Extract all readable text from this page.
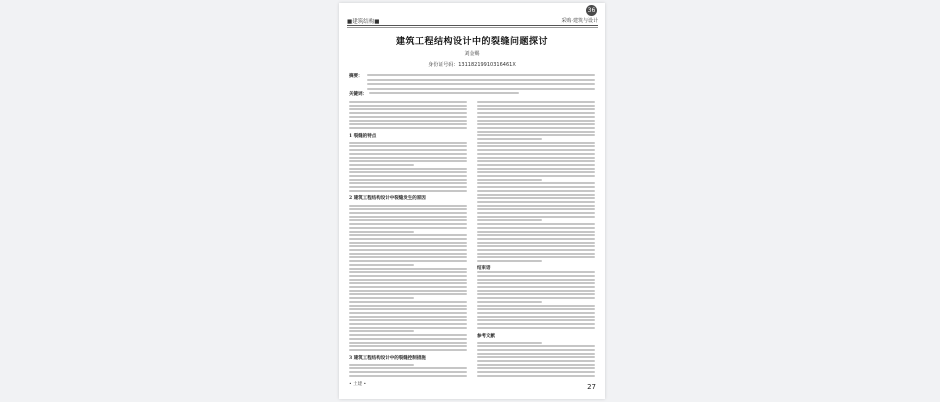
■建筑结构■
36
采购·建筑与设计
建筑工程结构设计中的裂缝问题探讨
刘金赐
身份证号码：13118219910316461X
摘要：
关键词：
1 裂缝的特点
2 建筑工程结构设计中裂缝发生的原因
3 建筑工程结构设计中的裂缝控制措施
结束语
参考文献
• 土建 •	27
